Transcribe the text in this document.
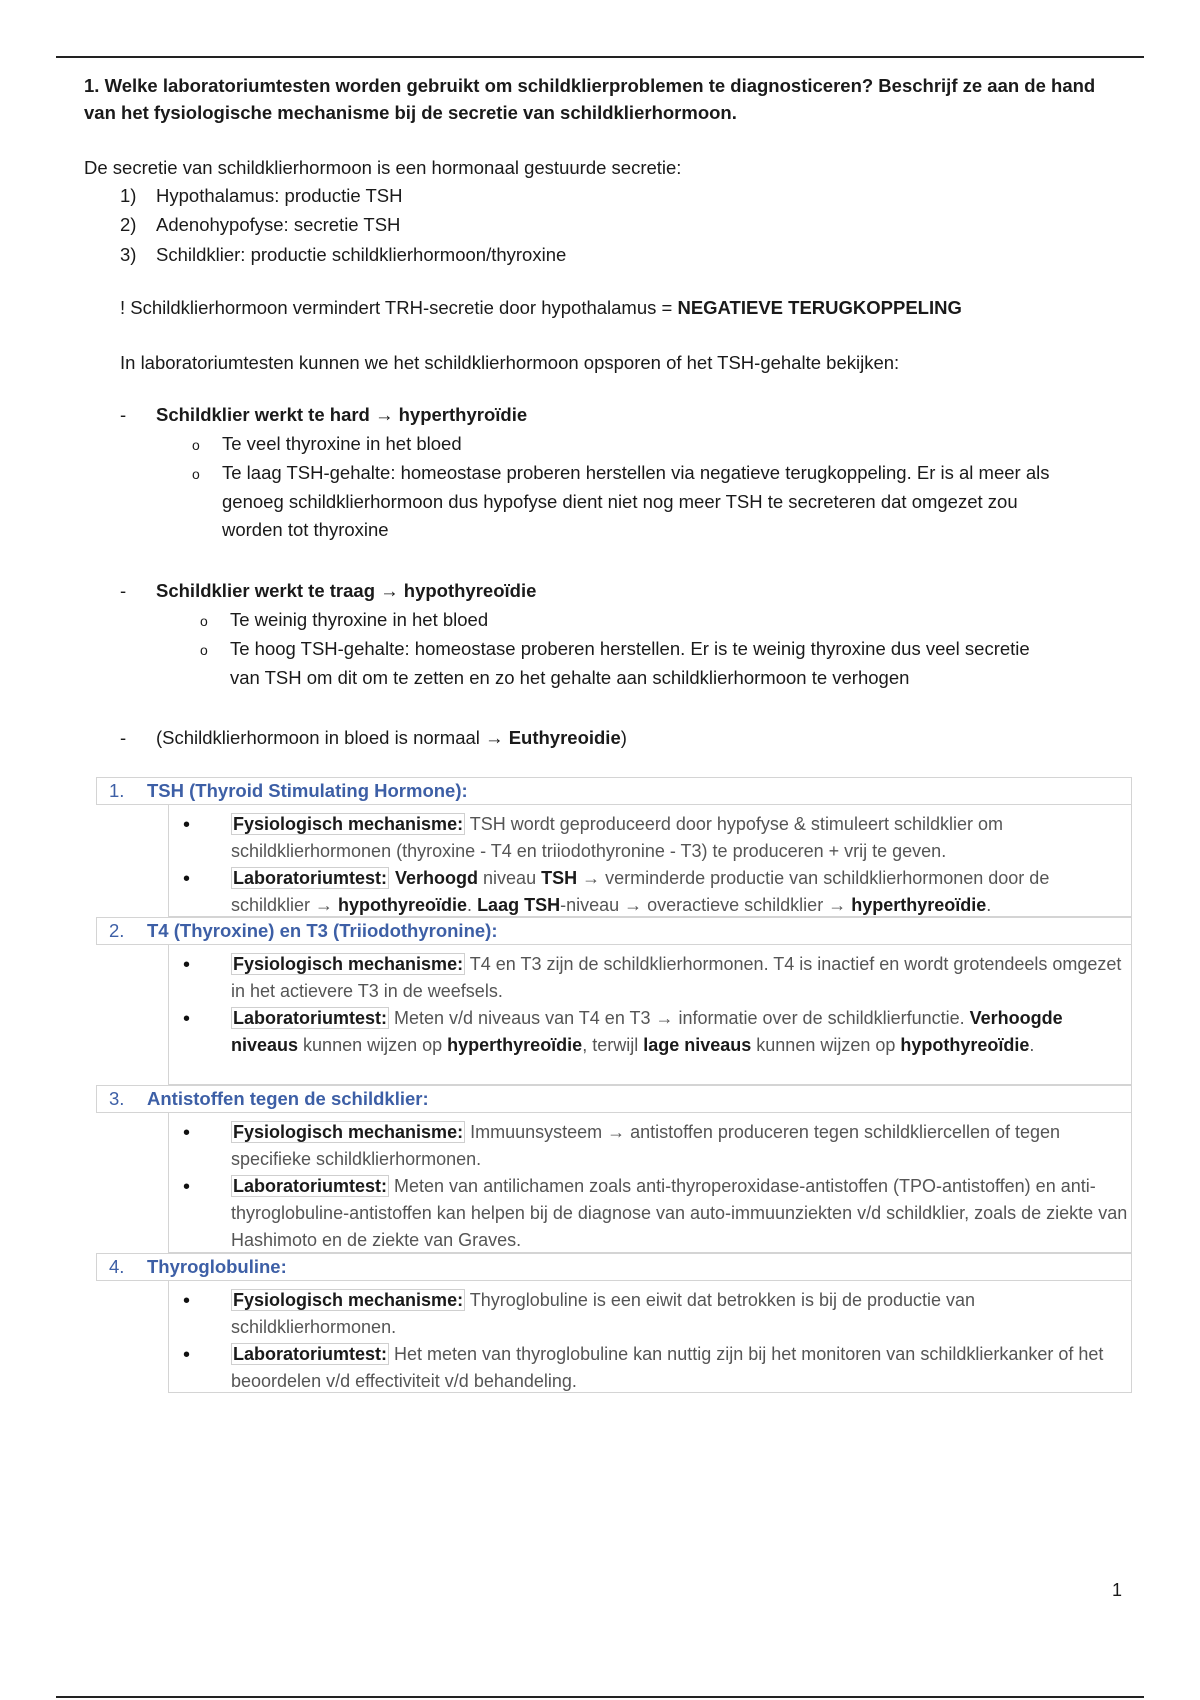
1. Welke laboratoriumtesten worden gebruikt om schildklierproblemen te diagnosticeren? Beschrijf ze aan de hand van het fysiologische mechanisme bij de secretie van schildklierhormoon.
De secretie van schildklierhormoon is een hormonaal gestuurde secretie:
1) Hypothalamus: productie TSH
2) Adenohypofyse: secretie TSH
3) Schildklier: productie schildklierhormoon/thyroxine
! Schildklierhormoon vermindert TRH-secretie door hypothalamus = NEGATIEVE TERUGKOPPELING
In laboratoriumtesten kunnen we het schildklierhormoon opsporen of het TSH-gehalte bekijken:
- Schildklier werkt te hard → hyperthyroïdie
o Te veel thyroxine in het bloed
o Te laag TSH-gehalte: homeostase proberen herstellen via negatieve terugkoppeling. Er is al meer als
genoeg schildklierhormoon dus hypofyse dient niet nog meer TSH te secreteren dat omgezet zou
worden tot thyroxine
- Schildklier werkt te traag → hypothyreoïdie
o Te weinig thyroxine in het bloed
o Te hoog TSH-gehalte: homeostase proberen herstellen. Er is te weinig thyroxine dus veel secretie
van TSH om dit om te zetten en zo het gehalte aan schildklierhormoon te verhogen
- (Schildklierhormoon in bloed is normaal → Euthyreoidie)
1. TSH (Thyroid Stimulating Hormone):
• Fysiologisch mechanisme: TSH wordt geproduceerd door hypofyse & stimuleert schildklier om schildklierhormonen (thyroxine - T4 en triiodothyronine - T3) te produceren + vrij te geven.
• Laboratoriumtest: Verhoogd niveau TSH → verminderde productie van schildklierhormonen door de schildklier → hypothyreoïdie. Laag TSH-niveau → overactieve schildklier → hyperthyreoïdie.
2. T4 (Thyroxine) en T3 (Triiodothyronine):
• Fysiologisch mechanisme: T4 en T3 zijn de schildklierhormonen. T4 is inactief en wordt grotendeels omgezet in het actievere T3 in de weefsels.
• Laboratoriumtest: Meten v/d niveaus van T4 en T3 → informatie over de schildklierfunctie. Verhoogde niveaus kunnen wijzen op hyperthyreoïdie, terwijl lage niveaus kunnen wijzen op hypothyreoïdie.
3. Antistoffen tegen de schildklier:
• Fysiologisch mechanisme: Immuunsysteem → antistoffen produceren tegen schildkliercellen of tegen specifieke schildklierhormonen.
• Laboratoriumtest: Meten van antilichamen zoals anti-thyroperoxidase-antistoffen (TPO-antistoffen) en anti-thyroglobuline-antistoffen kan helpen bij de diagnose van auto-immuunziekten v/d schildklier, zoals de ziekte van Hashimoto en de ziekte van Graves.
4. Thyroglobuline:
• Fysiologisch mechanisme: Thyroglobuline is een eiwit dat betrokken is bij de productie van schildklierhormonen.
• Laboratoriumtest: Het meten van thyroglobuline kan nuttig zijn bij het monitoren van schildklierkanker of het beoordelen v/d effectiviteit v/d behandeling.
1
